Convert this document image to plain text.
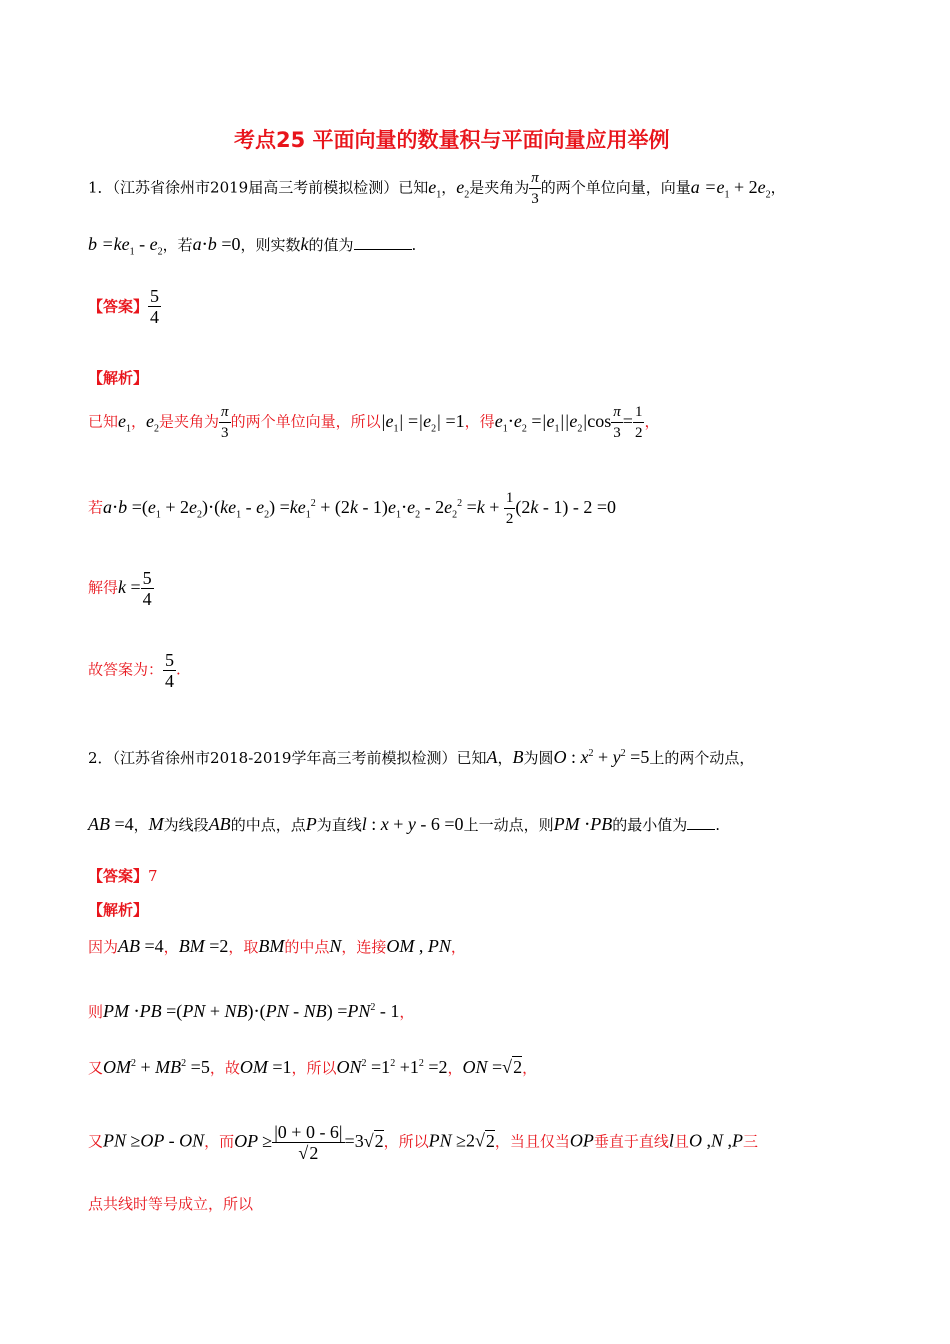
考点25 平面向量的数量积与平面向量应用举例
1．（江苏省徐州市2019届高三考前模拟检测）已知$e_1$，$e_2$是夹角为 $\frac{\pi}{3}$ 的两个单位向量，向量$a =e_1 + 2e_2$，
$b =ke_1 - e_2$，若a⋅b =0，则实数k的值为	.
【答案】 $\frac{5}{4}$
【解析】
已知$e_1$，$e_2$是夹角为 $\frac{\pi}{3}$ 的两个单位向量，所以$|e_1| =|e_2| =1$，得$e_1\cdot e_2 =|e_1||e_2|\cos \frac{\pi}{3} = \frac{1}{2}$ ，
若$a\cdot b =(e_1 + 2e_2)\cdot(ke_1 - e_2) =ke_1^2 + (2k - 1)e_1\cdot e_2 - 2e_2^2 =k + \frac{1}{2} (2k - 1) - 2 =0$
解得$k = \frac{5}{4}$
故答案为： $\frac{5}{4}$ .
2．（江苏省徐州市2018-2019学年高三考前模拟检测）已知A，B为圆O : $x^2 + y^2 =5$上的两个动点，
AB =4，M为线段AB的中点，点P为直线l : x + y - 6 =0上一动点，则PM ⋅PB的最小值为 .
【答案】7
【解析】
因为AB =4，BM =2，取BM的中点N，连接OM , PN，
则PM $\cdot PB =(PN + NB)\cdot(PN - NB) =PN^2 - 1$，
又$OM^2 + MB^2 =5$，故OM =1，所以$ON^2 =1^2 +1^2 =2$，ON =√2，
又PN ≥OP - ON，而OP ≥ $\frac{|0 + 0 - 6|}{√2} =3√2$，所以PN ≥2√2，当且仅当OP垂直于直线l且O ,N ,P三
点共线时等号成立，所以
